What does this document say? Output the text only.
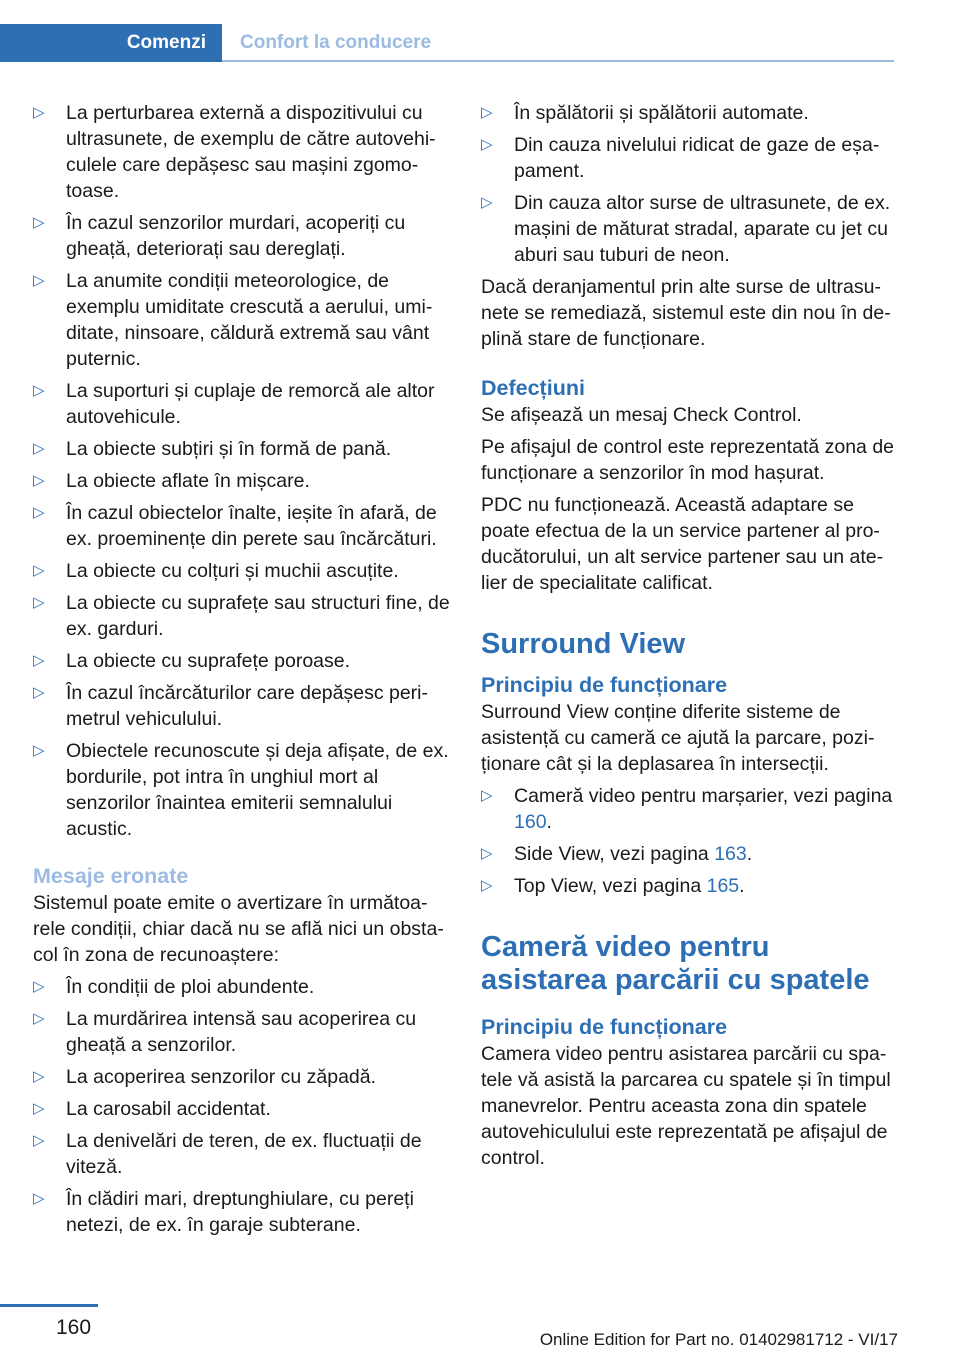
Comenzi	Confort la conducere
▷ La perturbarea externă a dispozitivului cu ultrasunete, de exemplu de către autovehiculele care depășesc sau mașini zgomotoase.
▷ În cazul senzorilor murdari, acoperiți cu gheață, deteriorați sau dereglați.
▷ La anumite condiții meteorologice, de exemplu umiditate crescută a aerului, umiditate, ninsoare, căldură extremă sau vânt puternic.
▷ La suporturi și cuplaje de remorcă ale altor autovehicule.
▷ La obiecte subțiri și în formă de pană.
▷ La obiecte aflate în mișcare.
▷ În cazul obiectelor înalte, ieșite în afară, de ex. proeminențe din perete sau încărcături.
▷ La obiecte cu colțuri și muchii ascuțite.
▷ La obiecte cu suprafețe sau structuri fine, de ex. garduri.
▷ La obiecte cu suprafețe poroase.
▷ În cazul încărcăturilor care depășesc perimetrul vehiculului.
▷ Obiectele recunoscute și deja afișate, de ex. bordurile, pot intra în unghiul mort al senzorilor înaintea emiterii semnalului acustic.
Mesaje eronate

Sistemul poate emite o avertizare în următoarele condiții, chiar dacă nu se află nici un obstacol în zona de recunoaștere:

▷ În condiții de ploi abundente.
▷ La murdărirea intensă sau acoperirea cu gheață a senzorilor.
▷ La acoperirea senzorilor cu zăpadă.
▷ La carosabil accidentat.
▷ La denivelări de teren, de ex. fluctuații de viteză.
▷ În clădiri mari, dreptunghiulare, cu pereți netezi, de ex. în garaje subterane.
▷ În spălătorii și spălătorii automate.
▷ Din cauza nivelului ridicat de gaze de eșapament.
▷ Din cauza altor surse de ultrasunete, de ex. mașini de măturat stradal, aparate cu jet cu aburi sau tuburi de neon.

Dacă deranjamentul prin alte surse de ultrasunete se remediază, sistemul este din nou în deplină stare de funcționare.

Defecțiuni

Se afișează un mesaj Check Control.

Pe afișajul de control este reprezentată zona de funcționare a senzorilor în mod hașurat.

PDC nu funcționează. Această adaptare se poate efectua de la un service partener al producătorului, un alt service partener sau un atelier de specialitate calificat.

Surround View
Principiu de funcționare

Surround View conține diferite sisteme de asistență cu cameră ce ajută la parcare, poziționare cât și la deplasarea în intersecții.

▷ Cameră video pentru marșarier, vezi pagina 160.
▷ Side View, vezi pagina 163.
▷ Top View, vezi pagina 165.
Cameră video pentru asistarea parcării cu spatele
Principiu de funcționare

Camera video pentru asistarea parcării cu spatele vă asistă la parcarea cu spatele și în timpul manevrelor. Pentru aceasta zona din spatele autovehiculului este reprezentată pe afișajul de control.

160
Online Edition for Part no. 01402981712 - VI/17
